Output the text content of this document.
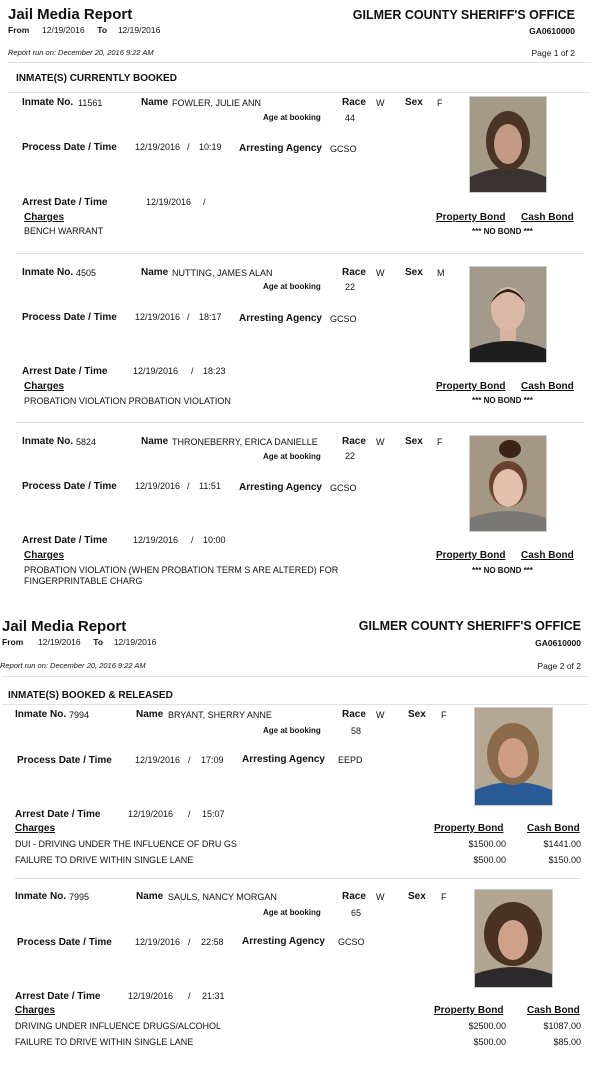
Jail Media Report
From 12/19/2016 To 12/19/2016
GILMER COUNTY SHERIFF'S OFFICE
GA0610000
Report run on: December 20, 2016 9:22 AM	Page 1 of 2
INMATE(S) CURRENTLY BOOKED
Inmate No. 11561	Name FOWLER, JULIE ANN	Race W Sex F
Age at booking	44
Process Date / Time 12/19/2016 / 10:19 Arresting Agency GCSO
Arrest Date / Time	12/19/2016 /
Charges	Property Bond Cash Bond
BENCH WARRANT	*** NO BOND ***
Inmate No. 4505	Name NUTTING, JAMES ALAN	Race W Sex M
Age at booking	22
Process Date / Time 12/19/2016 / 18:17 Arresting Agency GCSO
Arrest Date / Time	12/19/2016 / 18:23
Charges	Property Bond Cash Bond
PROBATION VIOLATION PROBATION VIOLATION	*** NO BOND ***
Inmate No. 5824	Name THRONEBERRY, ERICA DANIELLE Race W Sex F
Age at booking	22
Process Date / Time 12/19/2016 / 11:51 Arresting Agency GCSO
Arrest Date / Time	12/19/2016 / 10:00
Charges	Property Bond Cash Bond
PROBATION VIOLATION (WHEN PROBATION TERM S ARE ALTERED) FOR
FINGERPRINTABLE CHARG
*** NO BOND ***
Jail Media Report
From 12/19/2016 To 12/19/2016
GILMER COUNTY SHERIFF'S OFFICE
GA0610000
Report run on: December 20, 2016 9:22 AM	Page 2 of 2
INMATE(S) BOOKED & RELEASED
Inmate No. 7994	Name BRYANT, SHERRY ANNE	Race W Sex F
Age at booking	58
Process Date / Time	12/19/2016 / 17:09 Arresting Agency EEPD
Arrest Date / Time	12/19/2016 / 15:07
Charges	Property Bond Cash Bond
DUI - DRIVING UNDER THE INFLUENCE OF DRU GS	$1500.00	$1441.00
FAILURE TO DRIVE WITHIN SINGLE LANE	$500.00	$150.00
Inmate No. 7995	Name SAULS, NANCY MORGAN	Race W Sex F
Age at booking	65
Process Date / Time	12/19/2016 / 22:58 Arresting Agency GCSO
Arrest Date / Time	12/19/2016 / 21:31
Charges	Property Bond Cash Bond
DRIVING UNDER INFLUENCE DRUGS/ALCOHOL	$2500.00	$1087.00
FAILURE TO DRIVE WITHIN SINGLE LANE	$500.00	$85.00
